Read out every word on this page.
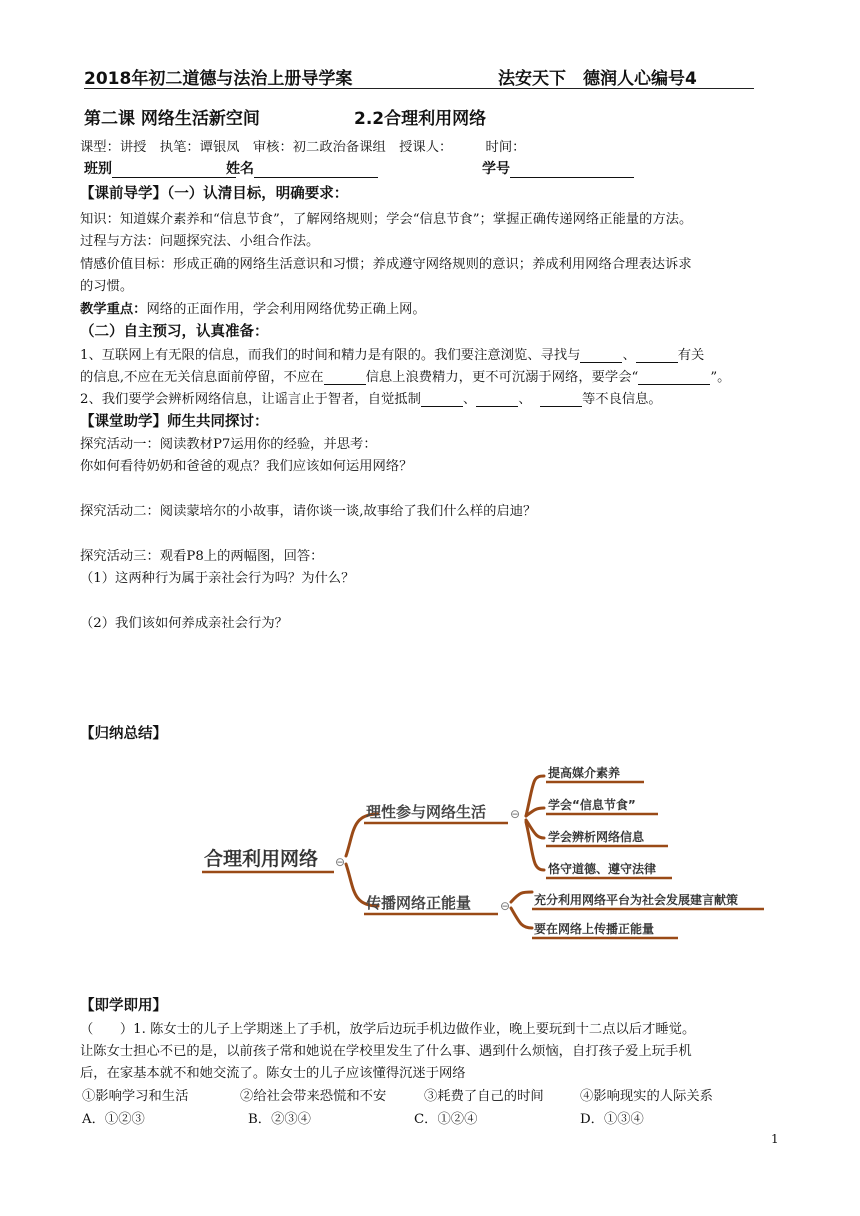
2018年初二道德与法治上册导学案	法安天下　德润人心编号4
第二课 网络生活新空间	2.2合理利用网络
课型：讲授　执笔：谭银凤　审核：初二政治备课组　授课人：　　　时间：
班别	姓名	学号
【课前导学】（一）认清目标，明确要求：
知识：知道媒介素养和“信息节食”，了解网络规则；学会“信息节食”；掌握正确传递网络正能量的方法。
过程与方法：问题探究法、小组合作法。
情感价值目标：形成正确的网络生活意识和习惯；养成遵守网络规则的意识；养成利用网络合理表达诉求
的习惯。
教学重点：网络的正面作用，学会利用网络优势正确上网。
（二）自主预习，认真准备：
1、互联网上有无限的信息，而我们的时间和精力是有限的。我们要注意浏览、寻找与	、	有关
的信息,不应在无关信息面前停留，不应在	信息上浪费精力，更不可沉溺于网络，要学会“	”。
2、我们要学会辨析网络信息，让谣言止于智者，自觉抵制	、	、	等不良信息。
【课堂助学】师生共同探讨：
探究活动一：阅读教材P7运用你的经验，并思考：
你如何看待奶奶和爸爸的观点？我们应该如何运用网络？
探究活动二：阅读蒙培尔的小故事，请你谈一谈,故事给了我们什么样的启迪？
探究活动三：观看P8上的两幅图，回答：
（1）这两种行为属于亲社会行为吗？为什么？
（2）我们该如何养成亲社会行为？
【归纳总结】
合理利用网络
理性参与网络生活
传播网络正能量
提高媒介素养
学会“信息节食”
学会辨析网络信息
恪守道德、遵守法律
充分利用网络平台为社会发展建言献策
要在网络上传播正能量
⊖
⊖
⊖
【即学即用】
（　　）1. 陈女士的儿子上学期迷上了手机，放学后边玩手机边做作业，晚上要玩到十二点以后才睡觉。
让陈女士担心不已的是，以前孩子常和她说在学校里发生了什么事、遇到什么烦恼，自打孩子爱上玩手机
后，在家基本就不和她交流了。陈女士的儿子应该懂得沉迷于网络
①影响学习和生活	②给社会带来恐慌和不安	③耗费了自己的时间	④影响现实的人际关系
A．①②③	B．②③④	C．①②④	D．①③④
1
